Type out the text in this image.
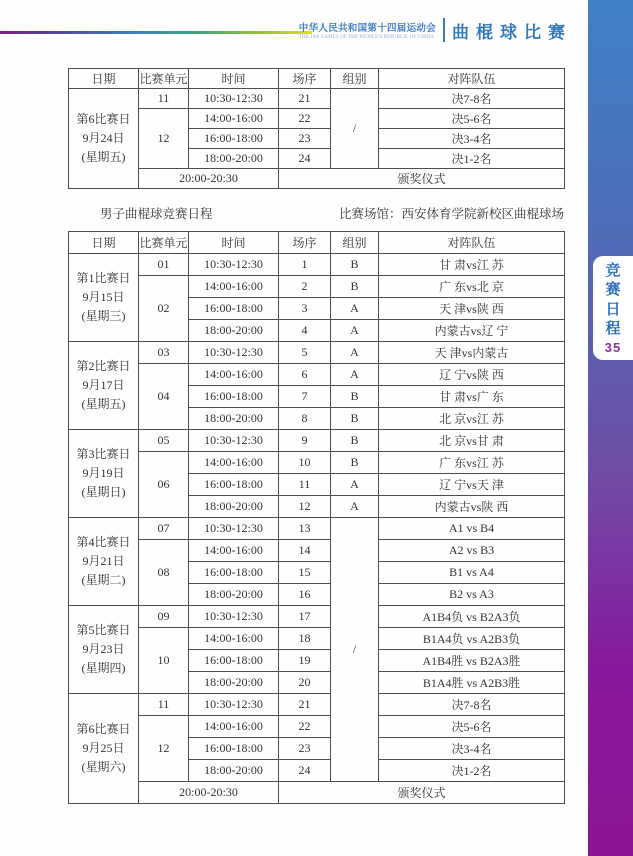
中华人民共和国第十四届运动会
THE 14th GAMES OF THE PEOPLE'S REPUBLIC OF CHINA 曲棍球比赛
日期	比赛单元	时间	场序	组别	对阵队伍

第6比赛日
9月24日
(星期五)	11	10:30-12:30	21	/	决7-8名
	12	14:00-16:00	22		决5-6名
		16:00-18:00	23		决3-4名
		18:00-20:00	24		决1-2名
	20:00-20:30		颁奖仪式		
男子曲棍球竞赛日程	比赛场馆：西安体育学院新校区曲棍球场
日期	比赛单元	时间	场序	组别	对阵队伍

第1比赛日
9月15日
(星期三)	01	10:30-12:30	1	B	甘 肃vs江 苏
	02	14:00-16:00	2	B	广 东vs北 京
		16:00-18:00	3	A	天 津vs陕 西
		18:00-20:00	4	A	内蒙古vs辽 宁

第2比赛日
9月17日
(星期五)	03	10:30-12:30	5	A	天 津vs内蒙古
	04	14:00-16:00	6	A	辽 宁vs陕 西
		16:00-18:00	7	B	甘 肃vs广 东
		18:00-20:00	8	B	北 京vs江 苏

第3比赛日
9月19日
(星期日)	05	10:30-12:30	9	B	北 京vs甘 肃
	06	14:00-16:00	10	B	广 东vs江 苏
		16:00-18:00	11	A	辽 宁vs天 津
		18:00-20:00	12	A	内蒙古vs陕 西

第4比赛日
9月21日
(星期二)	07	10:30-12:30	13	/	A1 vs B4
	08	14:00-16:00	14		A2 vs B3
		16:00-18:00	15		B1 vs A4
		18:00-20:00	16		B2 vs A3

第5比赛日
9月23日
(星期四)	09	10:30-12:30	17		A1B4负 vs B2A3负
	10	14:00-16:00	18		B1A4负 vs A2B3负
		16:00-18:00	19		A1B4胜 vs B2A3胜
		18:00-20:00	20		B1A4胜 vs A2B3胜

第6比赛日
9月25日
(星期六)	11	10:30-12:30	21		决7-8名
	12	14:00-16:00	22		决5-6名
		16:00-18:00	23		决3-4名
		18:00-20:00	24		决1-2名
	20:00-20:30		颁奖仪式		
竞
赛
日
程
35
